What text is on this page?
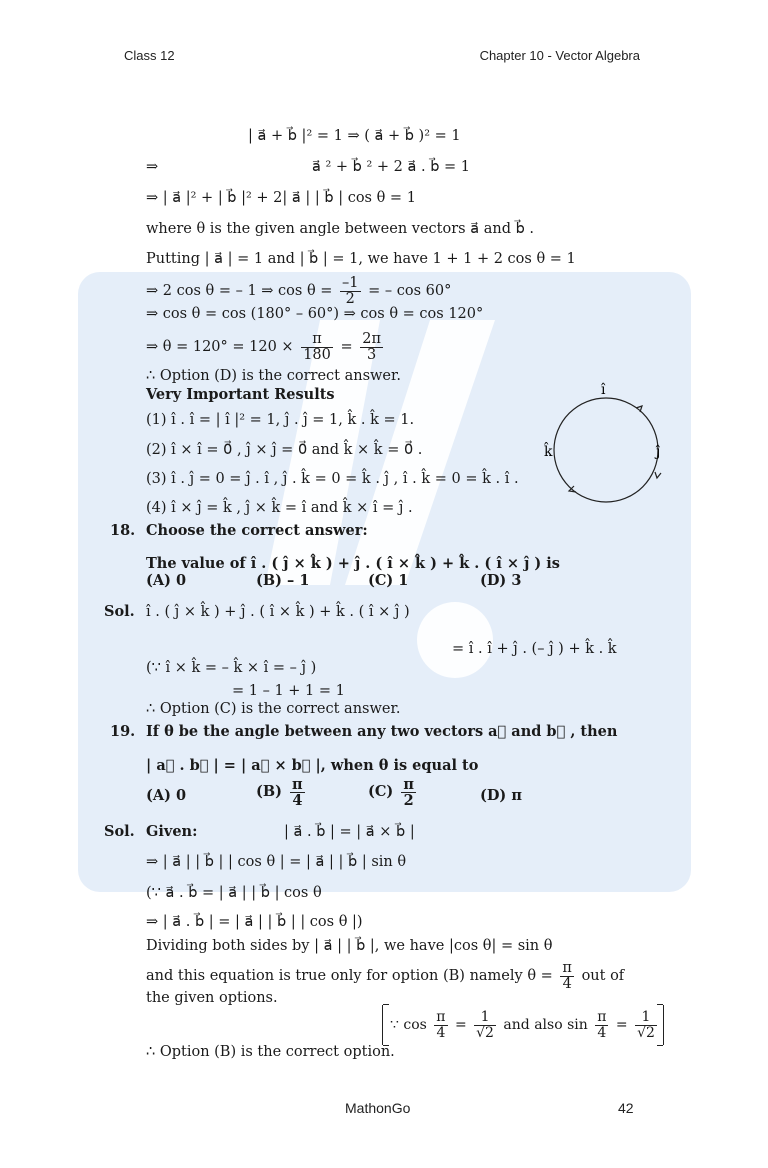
Class 12	Chapter 10 - Vector Algebra
MathonGo	42
| a⃗ + b⃗ |² = 1 ⇒ ( a⃗ + b⃗ )² = 1
⇒	a⃗ ² + b⃗ ² + 2 a⃗ . b⃗ = 1
⇒ | a⃗ |² + | b⃗ |² + 2| a⃗ | | b⃗ | cos θ = 1
where θ is the given angle between vectors a⃗ and b⃗ .
Putting | a⃗ | = 1 and | b⃗ | = 1, we have 1 + 1 + 2 cos θ = 1
⇒ 2 cos θ = – 1 ⇒ $\cos \theta = \frac{-1}{2}$ = – cos 60°
⇒ cos θ = cos (180° – 60°) ⇒ cos θ = cos 120°
⇒ $\theta = 120^\circ = 120 \times \frac{\pi}{180} = \frac{2\pi}{3}$
∴ Option (D) is the correct answer.
Very Important Results
(1) î . î = | î |² = 1, ĵ . ĵ = 1, k̂ . k̂ = 1.
(2) î × î = 0⃗ , ĵ × ĵ = 0⃗ and k̂ × k̂ = 0⃗ .
(3) î . ĵ = 0 = ĵ . î , ĵ . k̂ = 0 = k̂ . ĵ , î . k̂ = 0 = k̂ . î .
(4) î × ĵ = k̂ , ĵ × k̂ = î and k̂ × î = ĵ .
î
ĵ
k̂
18. Choose the correct answer:
The value of î . ( ĵ × k̂ ) + ĵ . ( î × k̂ ) + k̂ . ( î × ĵ ) is
(A) 0	(B) – 1	(C) 1	(D) 3
Sol. î . ( ĵ × k̂ ) + ĵ . ( î × k̂ ) + k̂ . ( î × ĵ )
= î . î + ĵ . (– ĵ ) + k̂ . k̂
(∵ î × k̂ = – k̂ × î = – ĵ )
= 1 – 1 + 1 = 1
∴ Option (C) is the correct answer.
19. If θ be the angle between any two vectors a⃗ and b⃗ , then
| a⃗ . b⃗ | = | a⃗ × b⃗ |, when θ is equal to
(A) 0	$(B) \frac{\pi}{4}$	$(C) \frac{\pi}{2}$	(D) π
Sol. Given:	| a⃗ . b⃗ | = | a⃗ × b⃗ |
⇒ | a⃗ | | b⃗ | | cos θ | = | a⃗ | | b⃗ | sin θ
(∵ a⃗ . b⃗ = | a⃗ | | b⃗ | cos θ
⇒ | a⃗ . b⃗ | = | a⃗ | | b⃗ | | cos θ |)
Dividing both sides by | a⃗ | | b⃗ |, we have |cos θ| = sin θ
and this equation is true only for option (B) namely $\theta = \frac{\pi}{4}$ out of
the given options.
∵ $\cos \frac{\pi}{4} = \frac{1}{√2}$ and also $\sin \frac{\pi}{4} = \frac{1}{√2}$
∴ Option (B) is the correct option.
